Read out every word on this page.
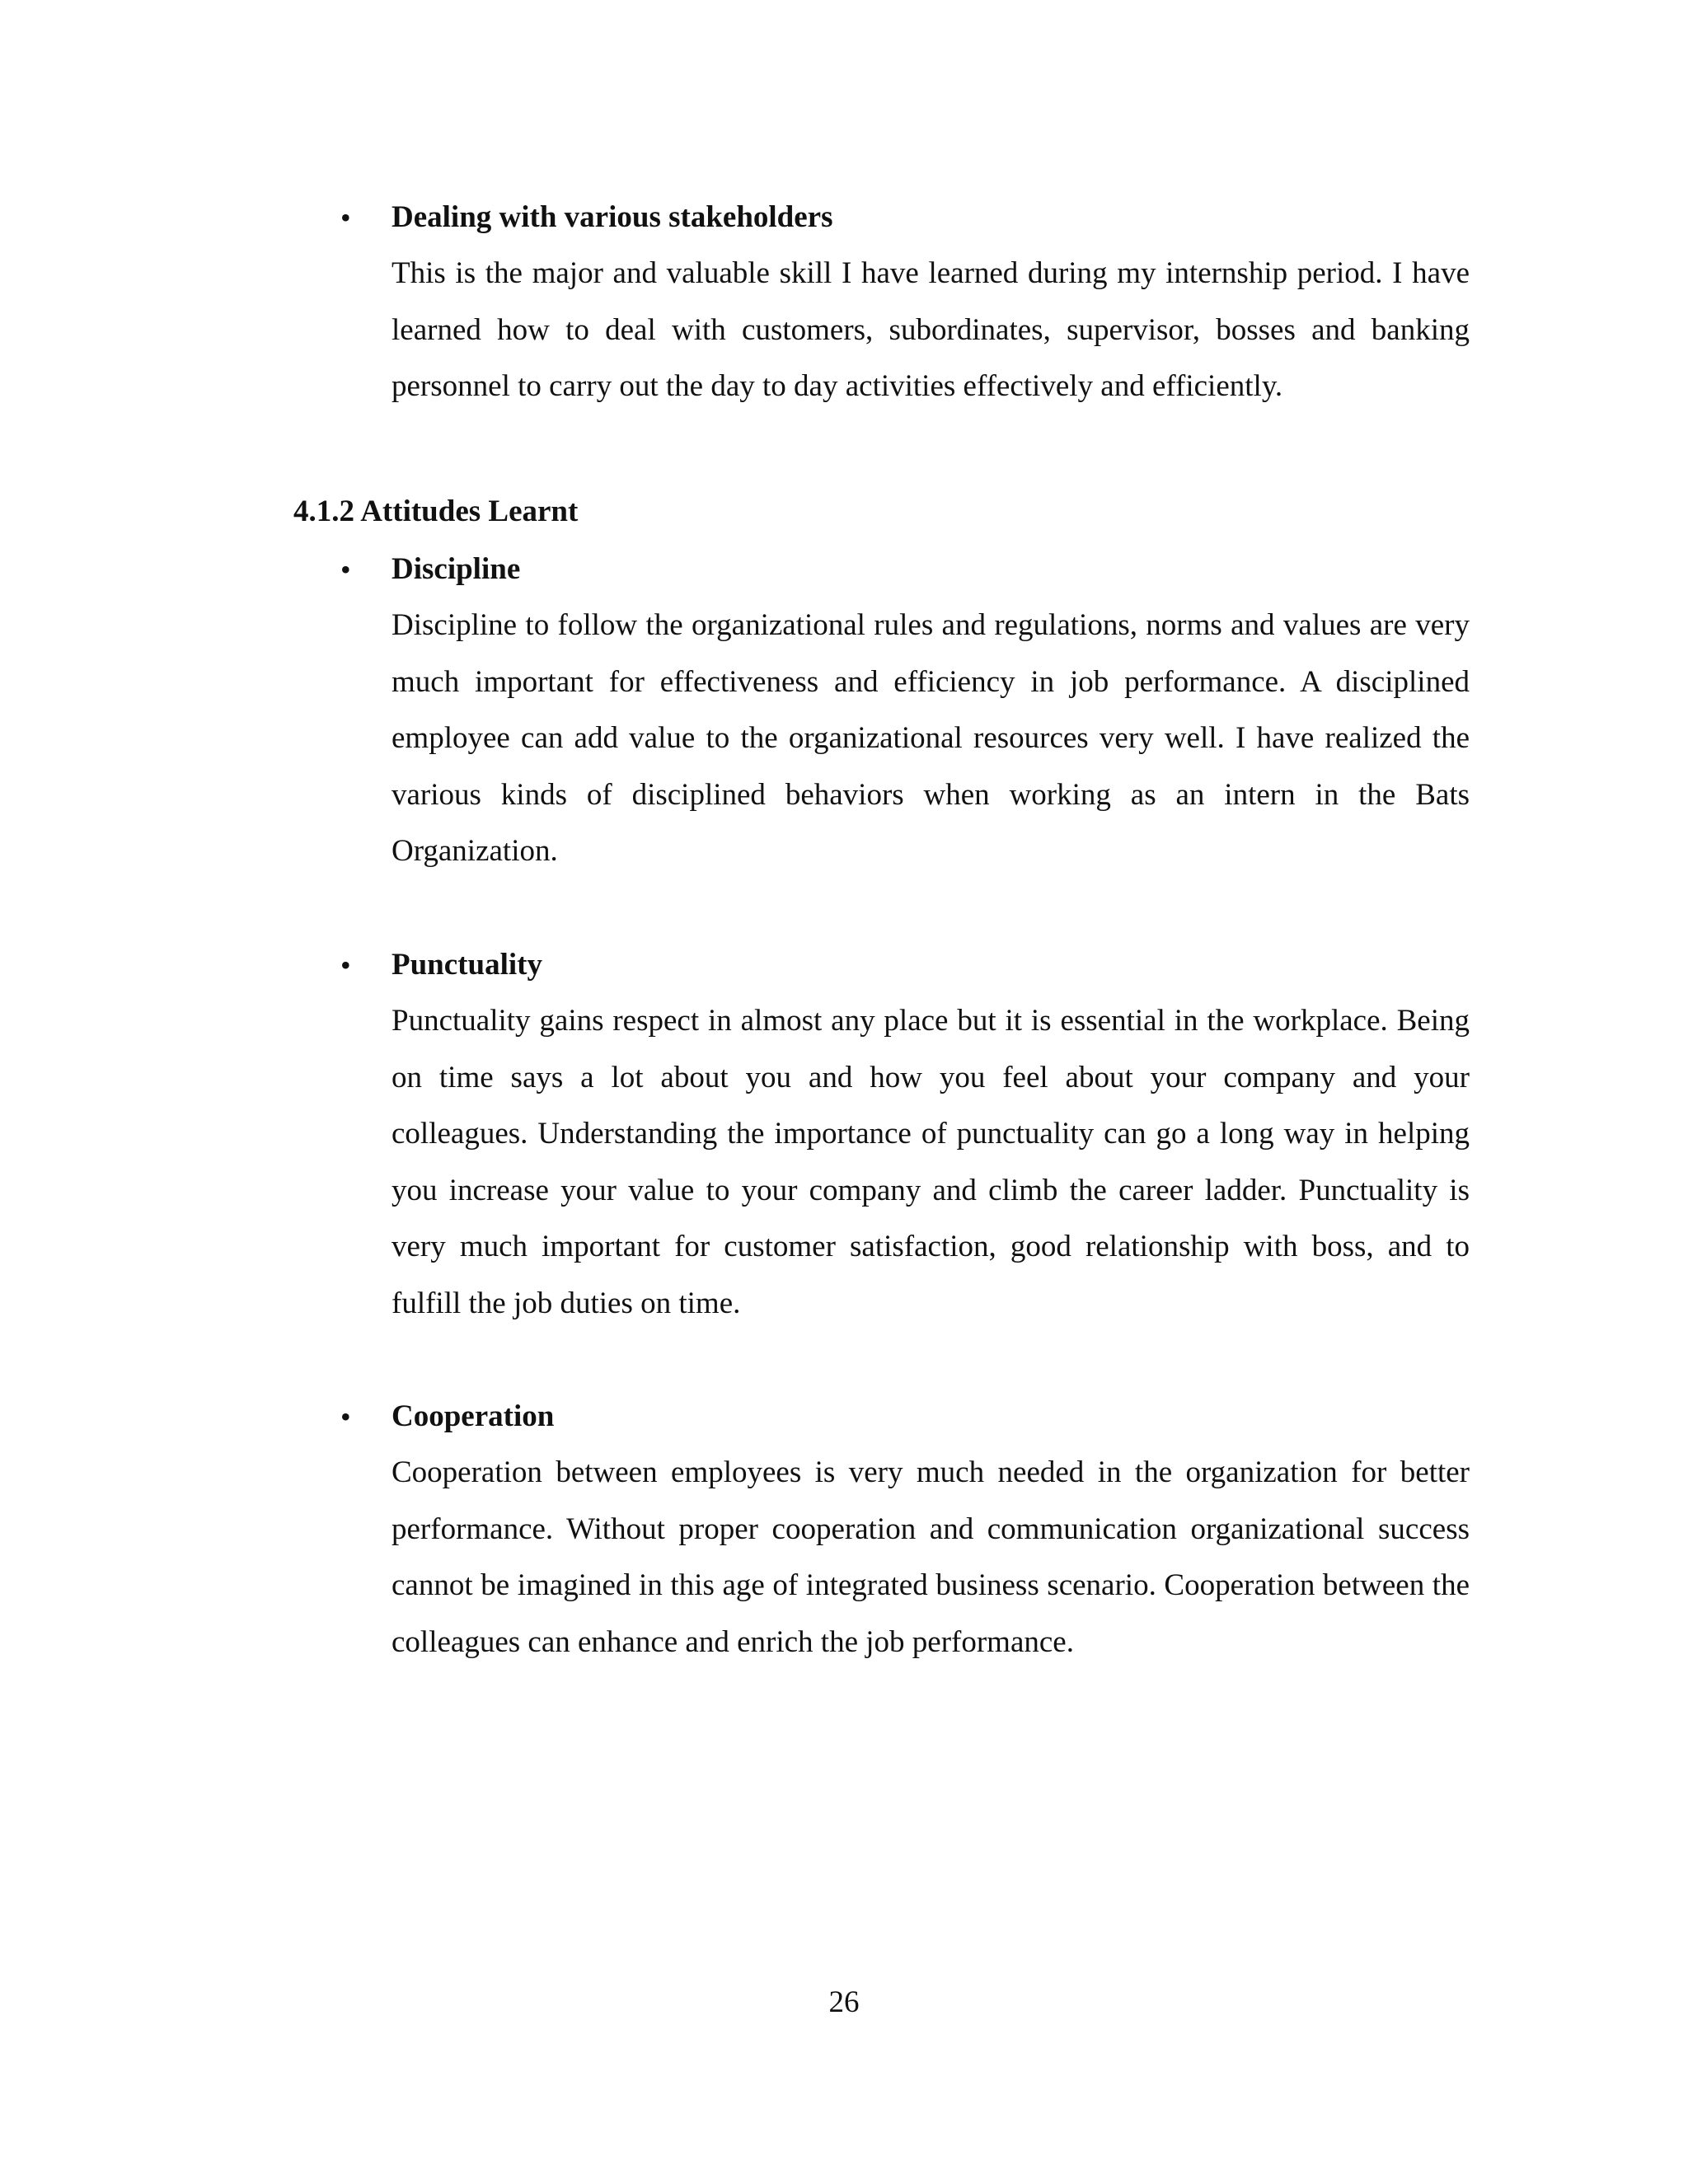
•	Dealing with various stakeholders

This is the major and valuable skill I have learned during my internship period. I have learned how to deal with customers, subordinates, supervisor, bosses and banking personnel to carry out the day to day activities effectively and efficiently.

4.1.2 Attitudes Learnt
•	Discipline

Discipline to follow the organizational rules and regulations, norms and values are very much important for effectiveness and efficiency in job performance. A disciplined employee can add value to the organizational resources very well. I have realized the various kinds of disciplined behaviors when working as an intern in the Bats Organization.

•	Punctuality

Punctuality gains respect in almost any place but it is essential in the workplace. Being on time says a lot about you and how you feel about your company and your colleagues. Understanding the importance of punctuality can go a long way in helping you increase your value to your company and climb the career ladder. Punctuality is very much important for customer satisfaction, good relationship with boss, and to fulfill the job duties on time.

•	Cooperation

Cooperation between employees is very much needed in the organization for better performance. Without proper cooperation and communication organizational success cannot be imagined in this age of integrated business scenario. Cooperation between the colleagues can enhance and enrich the job performance.

26
